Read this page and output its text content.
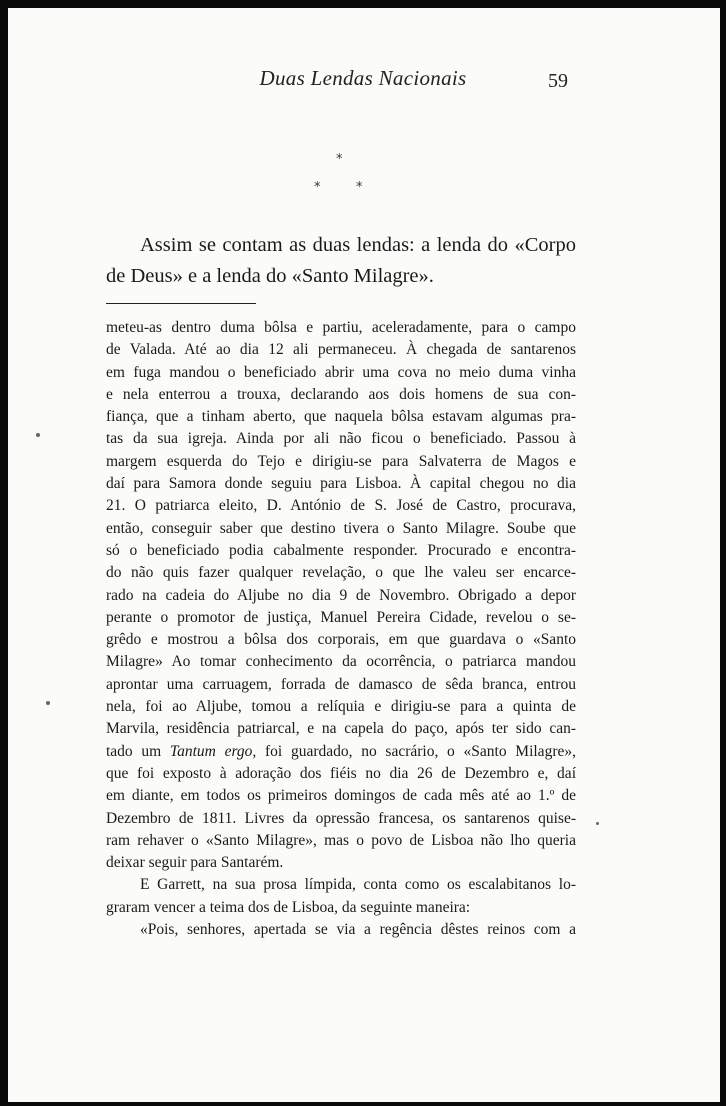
Duas Lendas Nacionais	59
*
*	*

Assim se contam as duas lendas: a lenda do «Corpo de Deus» e a lenda do «Santo Milagre».

meteu-as dentro duma bôlsa e partiu, aceleradamente, para o campo
de Valada. Até ao dia 12 ali permaneceu. À chegada de santarenos
em fuga mandou o beneficiado abrir uma cova no meio duma vinha
e nela enterrou a trouxa, declarando aos dois homens de sua con-
fiança, que a tinham aberto, que naquela bôlsa estavam algumas pra-
tas da sua igreja. Ainda por ali não ficou o beneficiado. Passou à
margem esquerda do Tejo e dirigiu-se para Salvaterra de Magos e
daí para Samora donde seguiu para Lisboa. À capital chegou no dia
21. O patriarca eleito, D. António de S. José de Castro, procurava,
então, conseguir saber que destino tivera o Santo Milagre. Soube que
só o beneficiado podia cabalmente responder. Procurado e encontra-
do não quis fazer qualquer revelação, o que lhe valeu ser encarce-
rado na cadeia do Aljube no dia 9 de Novembro. Obrigado a depor
perante o promotor de justiça, Manuel Pereira Cidade, revelou o se-
grêdo e mostrou a bôlsa dos corporais, em que guardava o «Santo
Milagre» Ao tomar conhecimento da ocorrência, o patriarca mandou
aprontar uma carruagem, forrada de damasco de sêda branca, entrou
nela, foi ao Aljube, tomou a relíquia e dirigiu-se para a quinta de
Marvila, residência patriarcal, e na capela do paço, após ter sido can-
tado um Tantum ergo, foi guardado, no sacrário, o «Santo Milagre»,
que foi exposto à adoração dos fiéis no dia 26 de Dezembro e, daí
em diante, em todos os primeiros domingos de cada mês até ao 1.º de
Dezembro de 1811. Livres da opressão francesa, os santarenos quise-
ram rehaver o «Santo Milagre», mas o povo de Lisboa não lho queria
deixar seguir para Santarém.
E Garrett, na sua prosa límpida, conta como os escalabitanos lo-
graram vencer a teima dos de Lisboa, da seguinte maneira:
«Pois, senhores, apertada se via a regência dêstes reinos com a
